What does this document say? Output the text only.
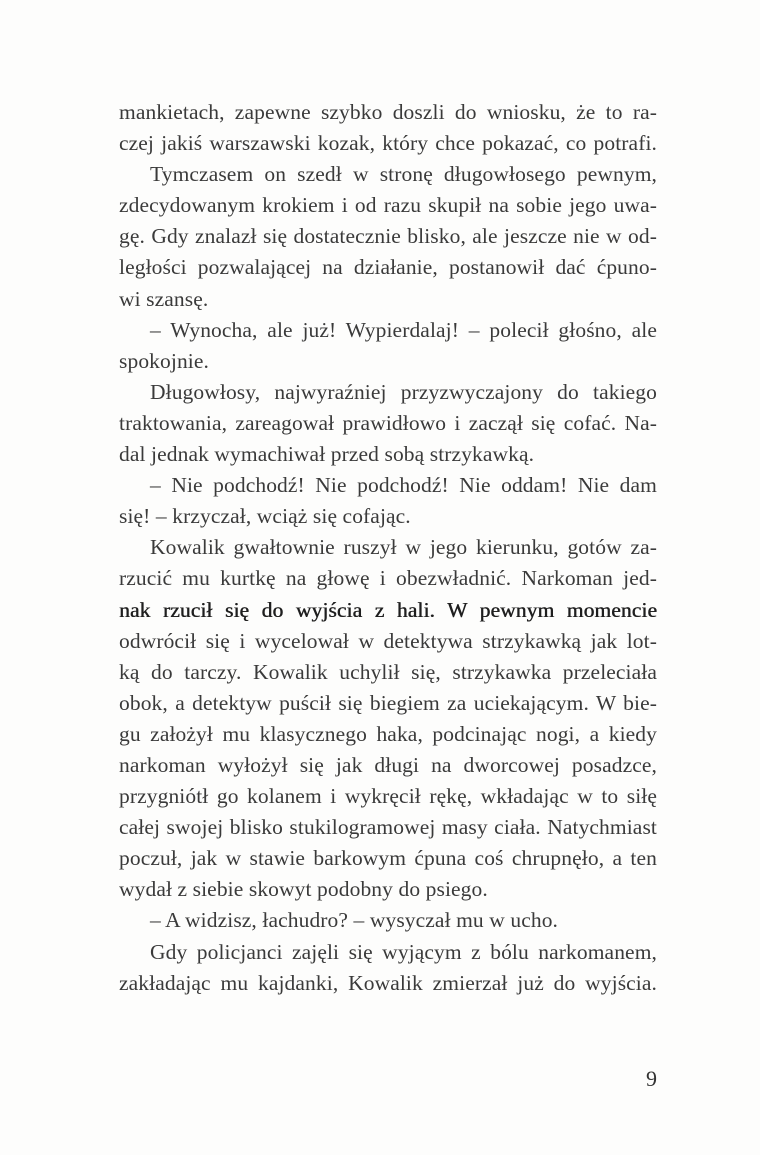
mankietach, zapewne szybko doszli do wniosku, że to ra-
czej jakiś warszawski kozak, który chce pokazać, co potrafi.
Tymczasem on szedł w stronę długowłosego pewnym,
zdecydowanym krokiem i od razu skupił na sobie jego uwa-
gę. Gdy znalazł się dostatecznie blisko, ale jeszcze nie w od-
ległości pozwalającej na działanie, postanowił dać ćpuno-
wi szansę.
– Wynocha, ale już! Wypierdalaj! – polecił głośno, ale
spokojnie.
Długowłosy, najwyraźniej przyzwyczajony do takiego
traktowania, zareagował prawidłowo i zaczął się cofać. Na-
dal jednak wymachiwał przed sobą strzykawką.
– Nie podchodź! Nie podchodź! Nie oddam! Nie dam
się! – krzyczał, wciąż się cofając.
Kowalik gwałtownie ruszył w jego kierunku, gotów za-
rzucić mu kurtkę na głowę i obezwładnić. Narkoman jed-
nak rzucił się do wyjścia z hali. W pewnym momencie
odwrócił się i wycelował w detektywa strzykawką jak lot-
ką do tarczy. Kowalik uchylił się, strzykawka przeleciała
obok, a detektyw puścił się biegiem za uciekającym. W bie-
gu założył mu klasycznego haka, podcinając nogi, a kiedy
narkoman wyłożył się jak długi na dworcowej posadzce,
przygniótł go kolanem i wykręcił rękę, wkładając w to siłę
całej swojej blisko stukilogramowej masy ciała. Natychmiast
poczuł, jak w stawie barkowym ćpuna coś chrupnęło, a ten
wydał z siebie skowyt podobny do psiego.
– A widzisz, łachudro? – wysyczał mu w ucho.
Gdy policjanci zajęli się wyjącym z bólu narkomanem,
zakładając mu kajdanki, Kowalik zmierzał już do wyjścia.
9
